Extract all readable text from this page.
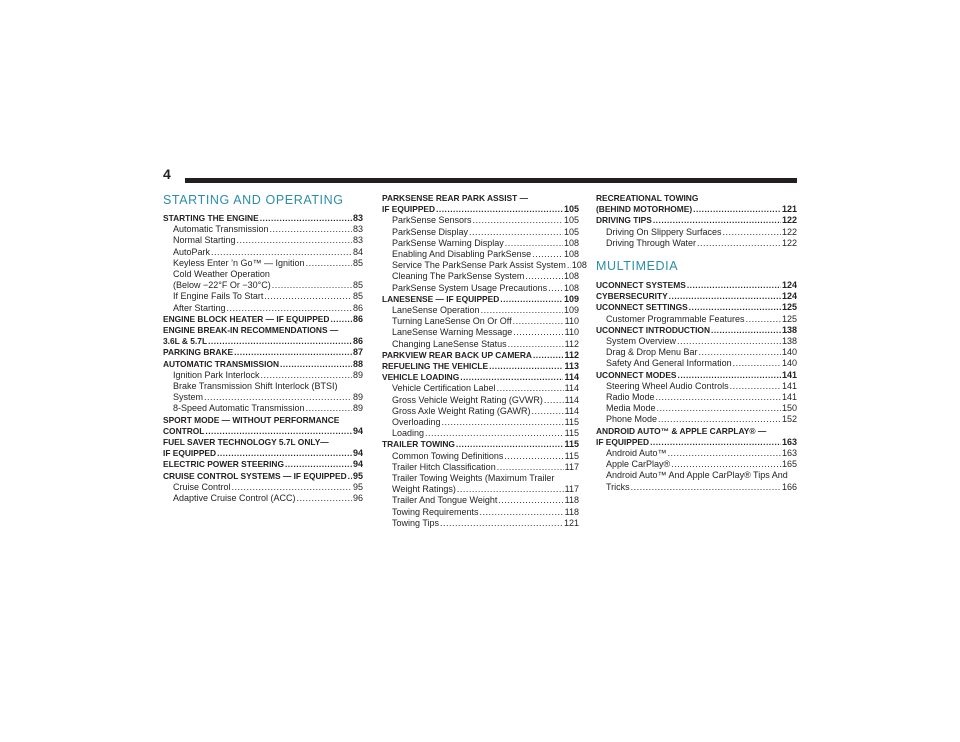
4
STARTING AND OPERATING
STARTING THE ENGINE .....	83
Automatic Transmission .....	83
Normal Starting .....	83
AutoPark .....	84
Keyless Enter ’n Go™ — Ignition .....	85
Cold Weather Operation
(Below −22°F Or −30°C) .....	85
If Engine Fails To Start .....	85
After Starting .....	86
ENGINE BLOCK HEATER — IF EQUIPPED .....	86
ENGINE BREAK-IN RECOMMENDATIONS —
3.6L & 5.7L .....	86
PARKING BRAKE .....	87
AUTOMATIC TRANSMISSION .....	88
Ignition Park Interlock .....	89
Brake Transmission Shift Interlock (BTSI)
System .....	89
8-Speed Automatic Transmission .....	89
SPORT MODE — WITHOUT PERFORMANCE
CONTROL .....	94
FUEL SAVER TECHNOLOGY 5.7L ONLY—
IF EQUIPPED .....	94
ELECTRIC POWER STEERING .....	94
CRUISE CONTROL SYSTEMS — IF EQUIPPED ..... 95
Cruise Control .....	95
Adaptive Cruise Control (ACC) .....	96
PARKSENSE REAR PARK ASSIST —
IF EQUIPPED .....	105
ParkSense Sensors .....	105
ParkSense Display .....	105
ParkSense Warning Display .....	108
Enabling And Disabling ParkSense .....	108
Service The ParkSense Park Assist System ..... 108
Cleaning The ParkSense System .....	108
ParkSense System Usage Precautions ..... 108
LANESENSE — IF EQUIPPED .....	109
LaneSense Operation .....	109
Turning LaneSense On Or Off .....	110
LaneSense Warning Message .....	110
Changing LaneSense Status .....	112
PARKVIEW REAR BACK UP CAMERA .....	112
REFUELING THE VEHICLE .....	113
VEHICLE LOADING .....	114
Vehicle Certification Label .....	114
Gross Vehicle Weight Rating (GVWR) ..... 114
Gross Axle Weight Rating (GAWR) .....	114
Overloading .....	115
Loading .....	115
TRAILER TOWING .....	115
Common Towing Definitions .....	115
Trailer Hitch Classification .....	117
Trailer Towing Weights (Maximum Trailer
Weight Ratings) .....	117
Trailer And Tongue Weight .....	118
Towing Requirements .....	118
Towing Tips .....	121
RECREATIONAL TOWING
(BEHIND MOTORHOME) .....	121
DRIVING TIPS .....	122
Driving On Slippery Surfaces .....	122
Driving Through Water .....	122
MULTIMEDIA
UCONNECT SYSTEMS .....	124
CYBERSECURITY .....	124
UCONNECT SETTINGS .....	125
Customer Programmable Features .....	125
UCONNECT INTRODUCTION .....	138
System Overview .....	138
Drag & Drop Menu Bar .....	140
Safety And General Information .....	140
UCONNECT MODES .....	141
Steering Wheel Audio Controls .....	141
Radio Mode .....	141
Media Mode .....	150
Phone Mode .....	152
ANDROID AUTO™ & APPLE CARPLAY® —
IF EQUIPPED .....	163
Android Auto™ .....	163
Apple CarPlay® .....	165
Android Auto™ And Apple CarPlay® Tips And
Tricks .....	166
